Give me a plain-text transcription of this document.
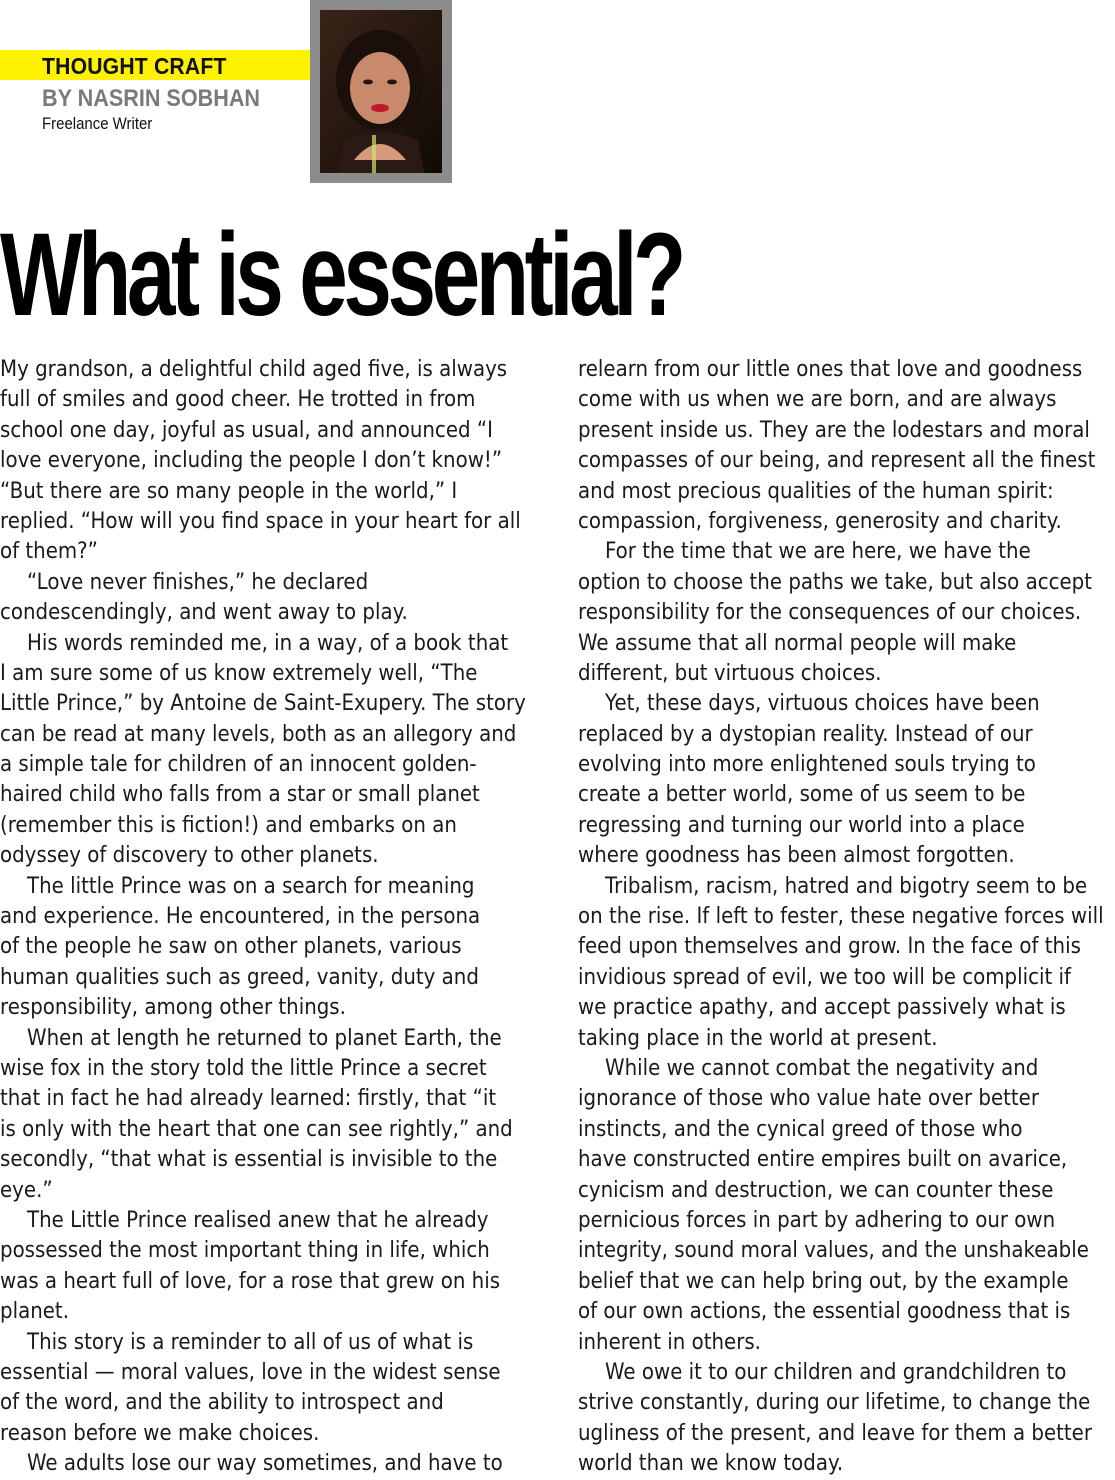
THOUGHT CRAFT
BY NASRIN SOBHAN
Freelance Writer
What is essential?
My grandson, a delightful child aged five, is always
full of smiles and good cheer. He trotted in from
school one day, joyful as usual, and announced “I
love everyone, including the people I don’t know!”
“But there are so many people in the world,” I
replied. “How will you find space in your heart for all
of them?”
“Love never finishes,” he declared
condescendingly, and went away to play.
His words reminded me, in a way, of a book that
I am sure some of us know extremely well, “The
Little Prince,” by Antoine de Saint-Exupery. The story
can be read at many levels, both as an allegory and
a simple tale for children of an innocent golden-
haired child who falls from a star or small planet
(remember this is fiction!) and embarks on an
odyssey of discovery to other planets.
The little Prince was on a search for meaning
and experience. He encountered, in the persona
of the people he saw on other planets, various
human qualities such as greed, vanity, duty and
responsibility, among other things.
When at length he returned to planet Earth, the
wise fox in the story told the little Prince a secret
that in fact he had already learned: firstly, that “it
is only with the heart that one can see rightly,” and
secondly, “that what is essential is invisible to the
eye.”
The Little Prince realised anew that he already
possessed the most important thing in life, which
was a heart full of love, for a rose that grew on his
planet.
This story is a reminder to all of us of what is
essential — moral values, love in the widest sense
of the word, and the ability to introspect and
reason before we make choices.
We adults lose our way sometimes, and have to
relearn from our little ones that love and goodness
come with us when we are born, and are always
present inside us. They are the lodestars and moral
compasses of our being, and represent all the finest
and most precious qualities of the human spirit:
compassion, forgiveness, generosity and charity.
For the time that we are here, we have the
option to choose the paths we take, but also accept
responsibility for the consequences of our choices.
We assume that all normal people will make
different, but virtuous choices.
Yet, these days, virtuous choices have been
replaced by a dystopian reality. Instead of our
evolving into more enlightened souls trying to
create a better world, some of us seem to be
regressing and turning our world into a place
where goodness has been almost forgotten.
Tribalism, racism, hatred and bigotry seem to be
on the rise. If left to fester, these negative forces will
feed upon themselves and grow. In the face of this
invidious spread of evil, we too will be complicit if
we practice apathy, and accept passively what is
taking place in the world at present.
While we cannot combat the negativity and
ignorance of those who value hate over better
instincts, and the cynical greed of those who
have constructed entire empires built on avarice,
cynicism and destruction, we can counter these
pernicious forces in part by adhering to our own
integrity, sound moral values, and the unshakeable
belief that we can help bring out, by the example
of our own actions, the essential goodness that is
inherent in others.
We owe it to our children and grandchildren to
strive constantly, during our lifetime, to change the
ugliness of the present, and leave for them a better
world than we know today.
